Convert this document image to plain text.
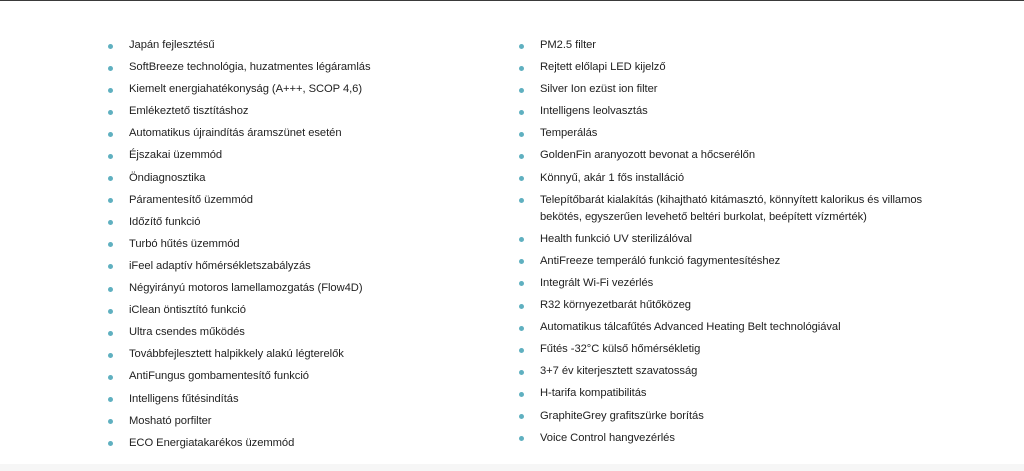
Japán fejlesztésű
SoftBreeze technológia, huzatmentes légáramlás
Kiemelt energiahatékonyság (A+++, SCOP 4,6)
Emlékeztető tisztításhoz
Automatikus újraindítás áramszünet esetén
Éjszakai üzemmód
Öndiagnosztika
Páramentesítő üzemmód
Időzítő funkció
Turbó hűtés üzemmód
iFeel adaptív hőmérsékletszabályzás
Négyirányú motoros lamellamozgatás (Flow4D)
iClean öntisztító funkció
Ultra csendes működés
Továbbfejlesztett halpikkely alakú légterelők
AntiFungus gombamentesítő funkció
Intelligens fűtésindítás
Mosható porfilter
ECO Energiatakarékos üzemmód
PM2.5 filter
Rejtett előlapi LED kijelző
Silver Ion ezüst ion filter
Intelligens leolvasztás
Temperálás
GoldenFin aranyozott bevonat a hőcserélőn
Könnyű, akár 1 fős installáció
Telepítőbarát kialakítás (kihajtható kitámasztó, könnyített kalorikus és villamos bekötés, egyszerűen levehető beltéri burkolat, beépített vízmérték)
Health funkció UV sterilizálóval
AntiFreeze temperáló funkció fagymentesítéshez
Integrált Wi-Fi vezérlés
R32 környezetbarát hűtőközeg
Automatikus tálcafűtés Advanced Heating Belt technológiával
Fűtés -32°C külső hőmérsékletig
3+7 év kiterjesztett szavatosság
H-tarifa kompatibilitás
GraphiteGrey grafitszürke borítás
Voice Control hangvezérlés
